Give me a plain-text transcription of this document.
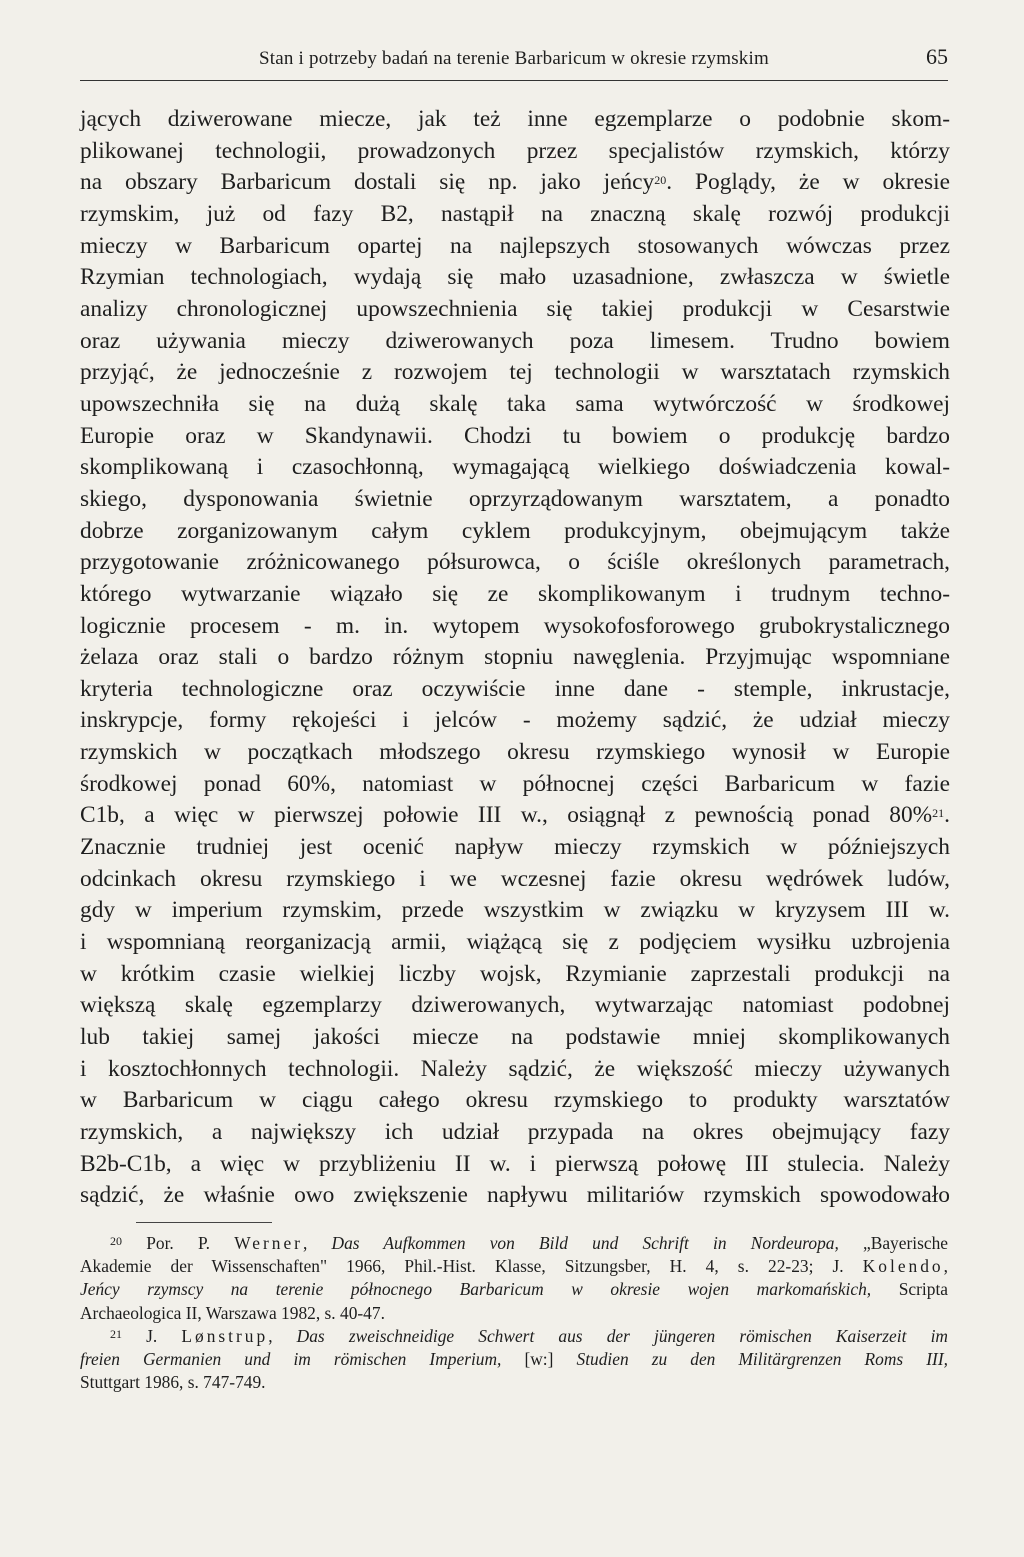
Stan i potrzeby badań na terenie Barbaricum w okresie rzymskim	65
jących dziwerowane miecze, jak też inne egzemplarze o podobnie skom-
plikowanej technologii, prowadzonych przez specjalistów rzymskich, którzy
na obszary Barbaricum dostali się np. jako jeńcy$^{20}$. Poglądy, że w okresie
rzymskim, już od fazy B2, nastąpił na znaczną skalę rozwój produkcji
mieczy w Barbaricum opartej na najlepszych stosowanych wówczas przez
Rzymian technologiach, wydają się mało uzasadnione, zwłaszcza w świetle
analizy chronologicznej upowszechnienia się takiej produkcji w Cesarstwie
oraz używania mieczy dziwerowanych poza limesem. Trudno bowiem
przyjąć, że jednocześnie z rozwojem tej technologii w warsztatach rzymskich
upowszechniła się na dużą skalę taka sama wytwórczość w środkowej
Europie oraz w Skandynawii. Chodzi tu bowiem o produkcję bardzo
skomplikowaną i czasochłonną, wymagającą wielkiego doświadczenia kowal-
skiego, dysponowania świetnie oprzyrządowanym warsztatem, a ponadto
dobrze zorganizowanym całym cyklem produkcyjnym, obejmującym także
przygotowanie zróżnicowanego półsurowca, o ściśle określonych parametrach,
którego wytwarzanie wiązało się ze skomplikowanym i trudnym techno-
logicznie procesem - m. in. wytopem wysokofosforowego grubokrystalicznego
żelaza oraz stali o bardzo różnym stopniu nawęglenia. Przyjmując wspomniane
kryteria technologiczne oraz oczywiście inne dane - stemple, inkrustacje,
inskrypcje, formy rękojeści i jelców - możemy sądzić, że udział mieczy
rzymskich w początkach młodszego okresu rzymskiego wynosił w Europie
środkowej ponad 60%, natomiast w północnej części Barbaricum w fazie
C1b, a więc w pierwszej połowie III w., osiągnął z pewnością ponad 80%$^{21}$.
Znacznie trudniej jest ocenić napływ mieczy rzymskich w późniejszych
odcinkach okresu rzymskiego i we wczesnej fazie okresu wędrówek ludów,
gdy w imperium rzymskim, przede wszystkim w związku w kryzysem III w.
i wspomnianą reorganizacją armii, wiążącą się z podjęciem wysiłku uzbrojenia
w krótkim czasie wielkiej liczby wojsk, Rzymianie zaprzestali produkcji na
większą skalę egzemplarzy dziwerowanych, wytwarzając natomiast podobnej
lub takiej samej jakości miecze na podstawie mniej skomplikowanych
i kosztochłonnych technologii. Należy sądzić, że większość mieczy używanych
w Barbaricum w ciągu całego okresu rzymskiego to produkty warsztatów
rzymskich, a największy ich udział przypada na okres obejmujący fazy
B2b-C1b, a więc w przybliżeniu II w. i pierwszą połowę III stulecia. Należy
sądzić, że właśnie owo zwiększenie napływu militariów rzymskich spowodowało
$^{20}$ Por. P. Werner, Das Aufkommen von Bild und Schrift in Nordeuropa, „Bayerische
Akademie der Wissenschaften" 1966, Phil.-Hist. Klasse, Sitzungsber, H. 4, s. 22-23; J. Kolendo,
Jeńcy rzymscy na terenie północnego Barbaricum w okresie wojen markomańskich, Scripta
Archaeologica II, Warszawa 1982, s. 40-47.
$^{21}$ J. Lønstrup, Das zweischneidige Schwert aus der jüngeren römischen Kaiserzeit im
freien Germanien und im römischen Imperium, [w:] Studien zu den Militärgrenzen Roms III,
Stuttgart 1986, s. 747-749.
